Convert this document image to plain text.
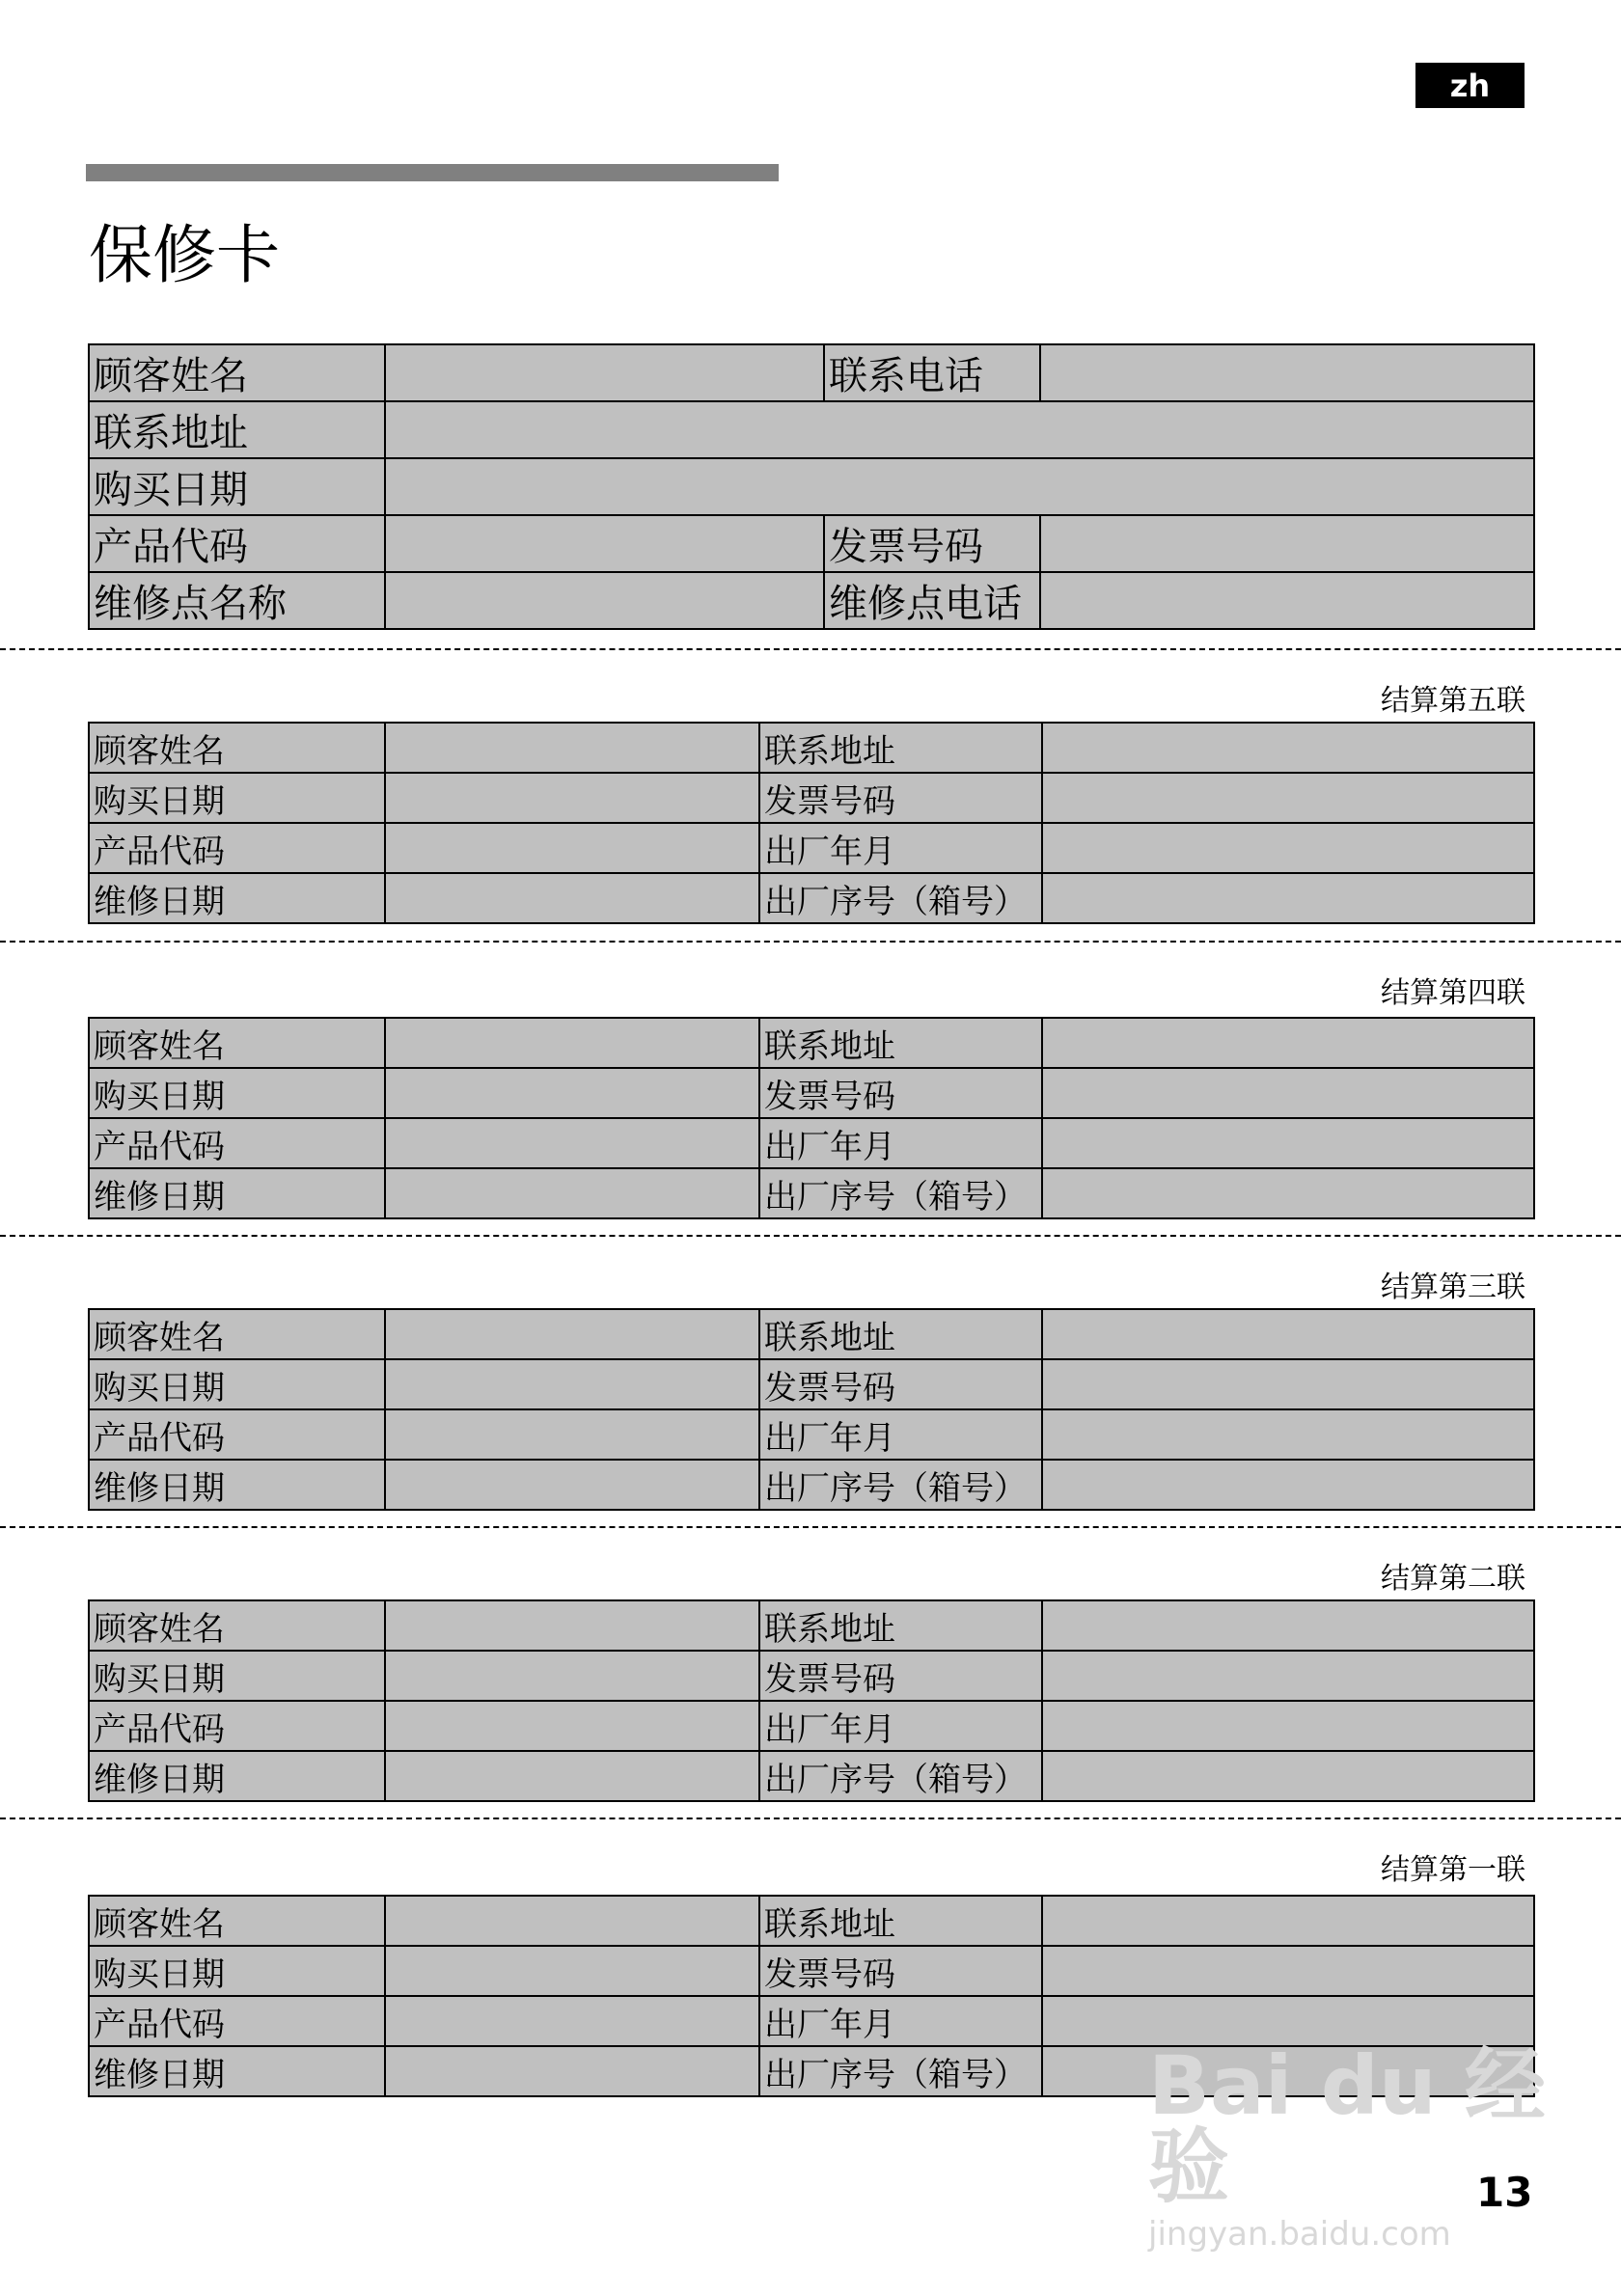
zh
保修卡
顾客姓名		联系电话	
联系地址			
购买日期			
产品代码		发票号码	
维修点名称		维修点电话	
结算第五联
顾客姓名		联系地址	
购买日期		发票号码	
产品代码		出厂年月	
维修日期		出厂序号（箱号）	
结算第四联
顾客姓名		联系地址	
购买日期		发票号码	
产品代码		出厂年月	
维修日期		出厂序号（箱号）	
结算第三联
顾客姓名		联系地址	
购买日期		发票号码	
产品代码		出厂年月	
维修日期		出厂序号（箱号）	
结算第二联
顾客姓名		联系地址	
购买日期		发票号码	
产品代码		出厂年月	
维修日期		出厂序号（箱号）	
结算第一联
顾客姓名		联系地址	
购买日期		发票号码	
产品代码		出厂年月	
维修日期		出厂序号（箱号）	Bai du 经验
jingyan.baidu.com
13
